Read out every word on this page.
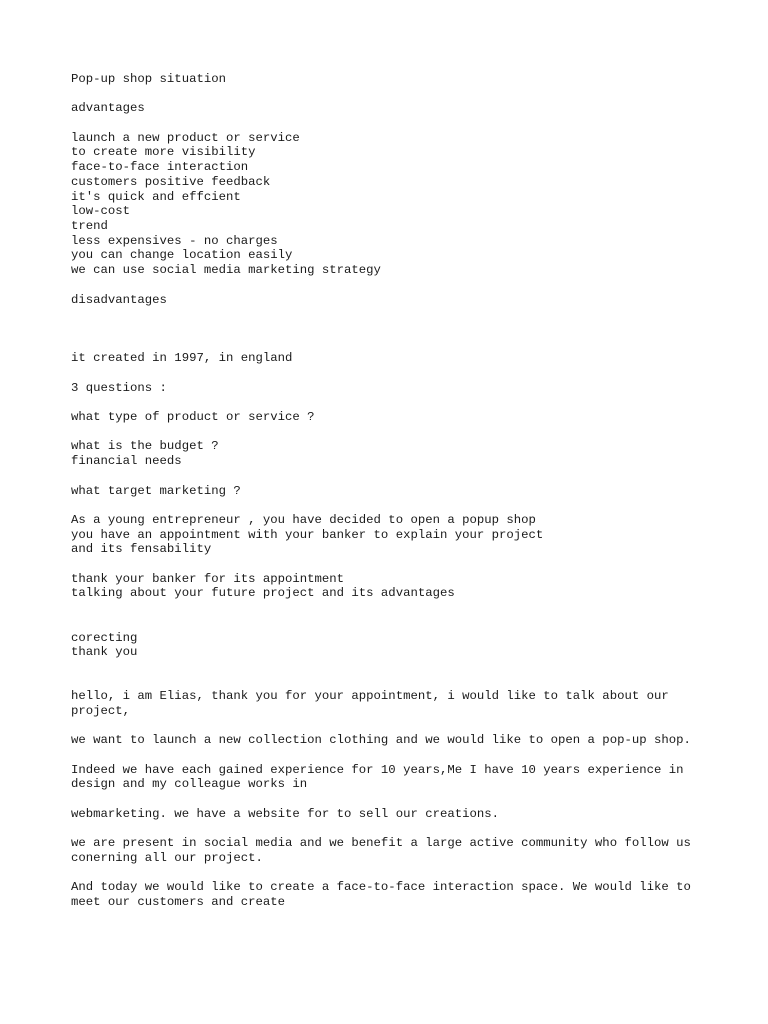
Pop-up shop situation
advantages
launch a new product or service
to create more visibility
face-to-face interaction
customers positive feedback
it's quick and effcient
low-cost
trend
less expensives - no charges
you can change location easily
we can use social media marketing strategy
disadvantages
it created in 1997, in england
3 questions :
what type of product or service ?
what is the budget ?
financial needs
what target marketing ?
As a young entrepreneur , you have decided to open a popup shop
you have an appointment with your banker to explain your project
and its fensability
thank your banker for its appointment
talking about your future project and its advantages
corecting
thank you
hello, i am Elias, thank you for your appointment, i would like to talk about our project,
we want to launch a new collection clothing and we would like to open a pop-up shop.
Indeed we have each gained experience for 10 years,Me I have 10 years experience in design and my colleague works in
webmarketing. we have a website for to sell our creations.
we are present in social media and we benefit a large active community who follow us conerning all our project.
And today we would like to create a face-to-face interaction space. We would like to meet our customers and create
